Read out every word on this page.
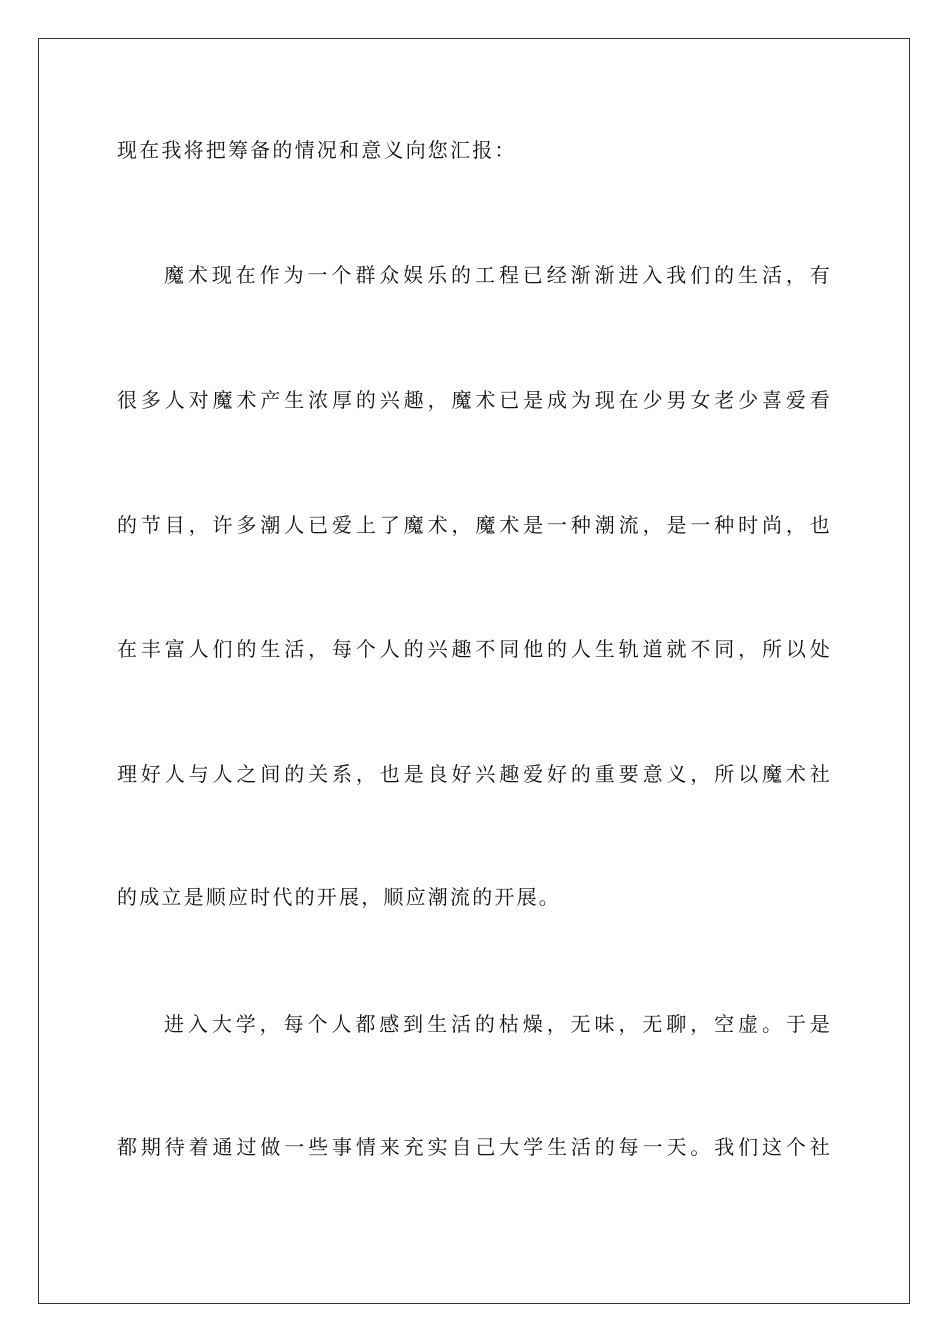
现在我将把筹备的情况和意义向您汇报：
魔术现在作为一个群众娱乐的工程已经渐渐进入我们的生活，有
很多人对魔术产生浓厚的兴趣，魔术已是成为现在少男女老少喜爱看
的节目，许多潮人已爱上了魔术，魔术是一种潮流，是一种时尚，也
在丰富人们的生活，每个人的兴趣不同他的人生轨道就不同，所以处
理好人与人之间的关系，也是良好兴趣爱好的重要意义，所以魔术社
的成立是顺应时代的开展，顺应潮流的开展。
进入大学，每个人都感到生活的枯燥，无味，无聊，空虚。于是
都期待着通过做一些事情来充实自己大学生活的每一天。我们这个社
